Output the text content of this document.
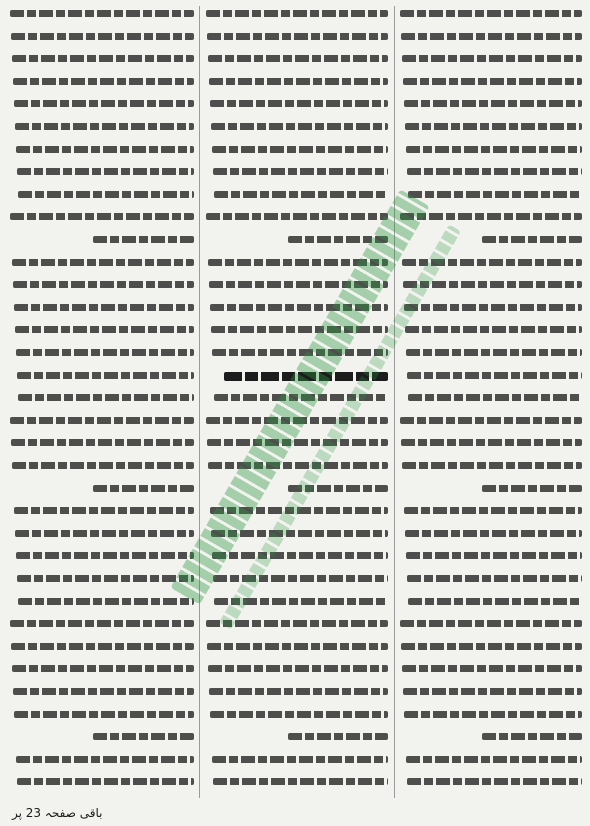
باقی صفحہ 23 پر
